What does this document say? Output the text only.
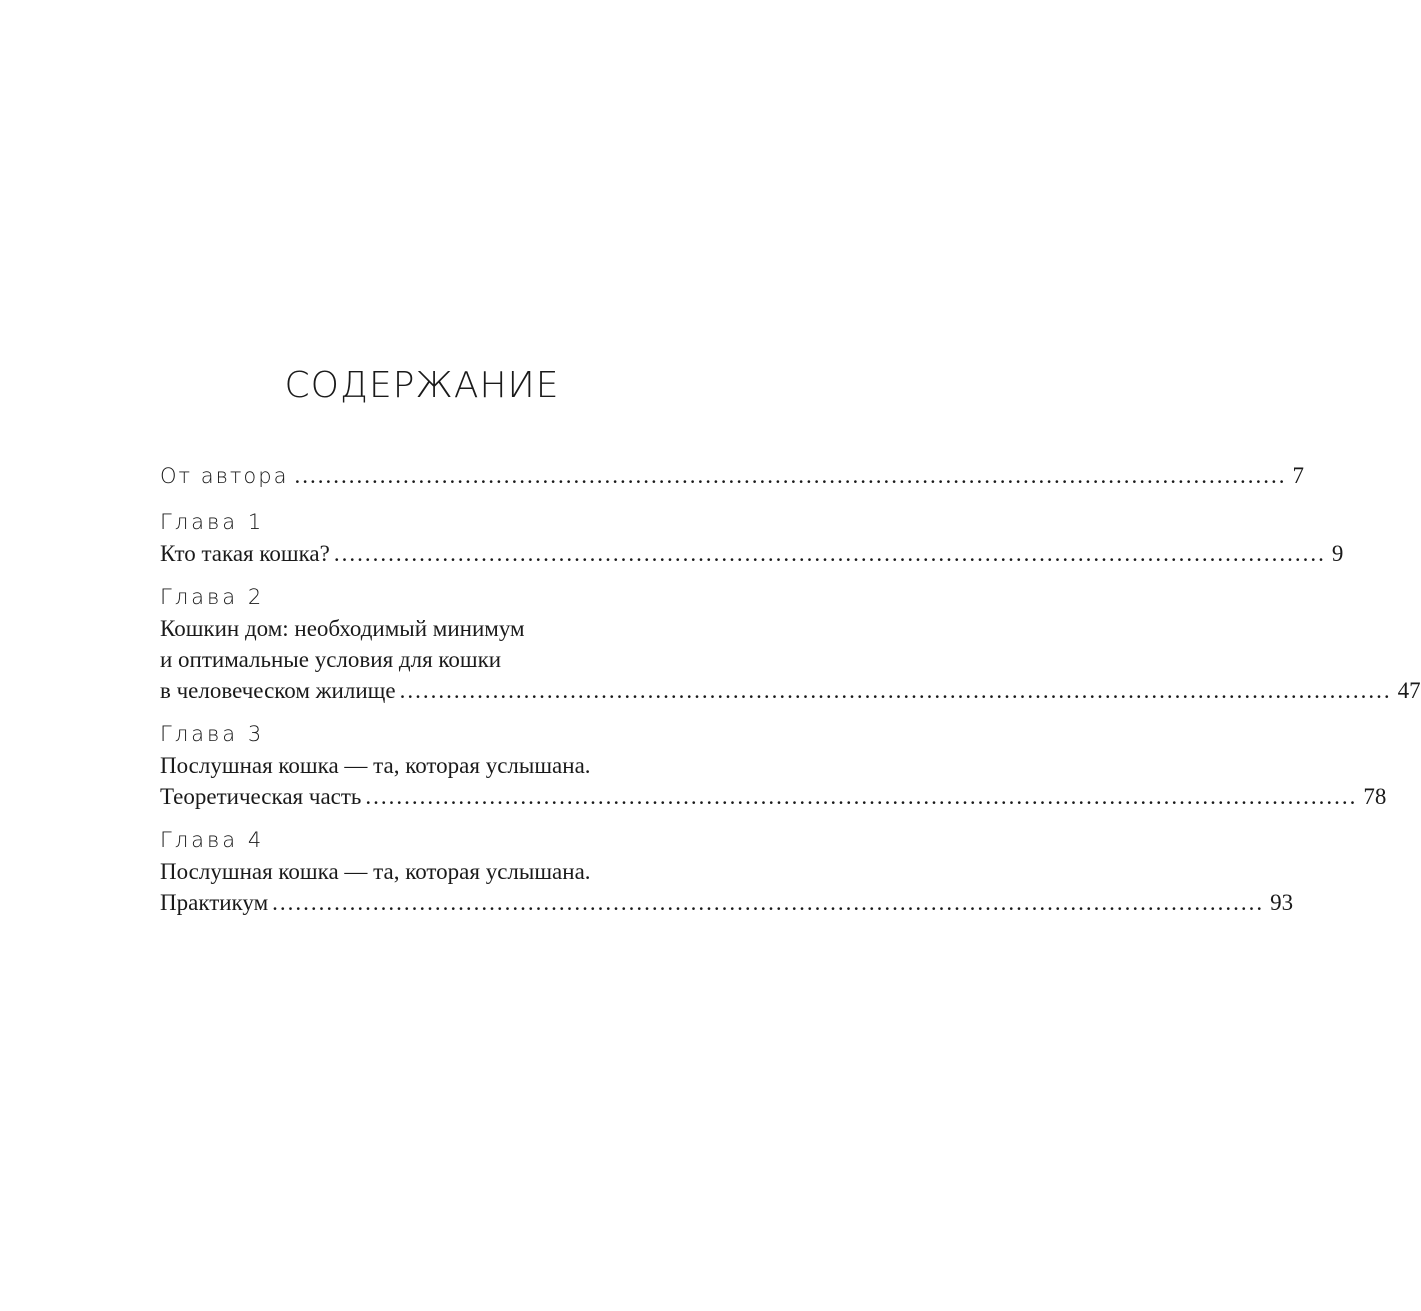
СОДЕРЖАНИЕ
От автора ................................................................................................................................ 7
Глава 1
Кто такая кошка? ................................................................................................................................ 9
Глава 2
Кошкин дом: необходимый минимум
и оптимальные условия для кошки
в человеческом жилище ................................................................................................................................ 47
Глава 3
Послушная кошка — та, которая услышана.
Теоретическая часть ................................................................................................................................ 78
Глава 4
Послушная кошка — та, которая услышана.
Практикум ................................................................................................................................ 93
